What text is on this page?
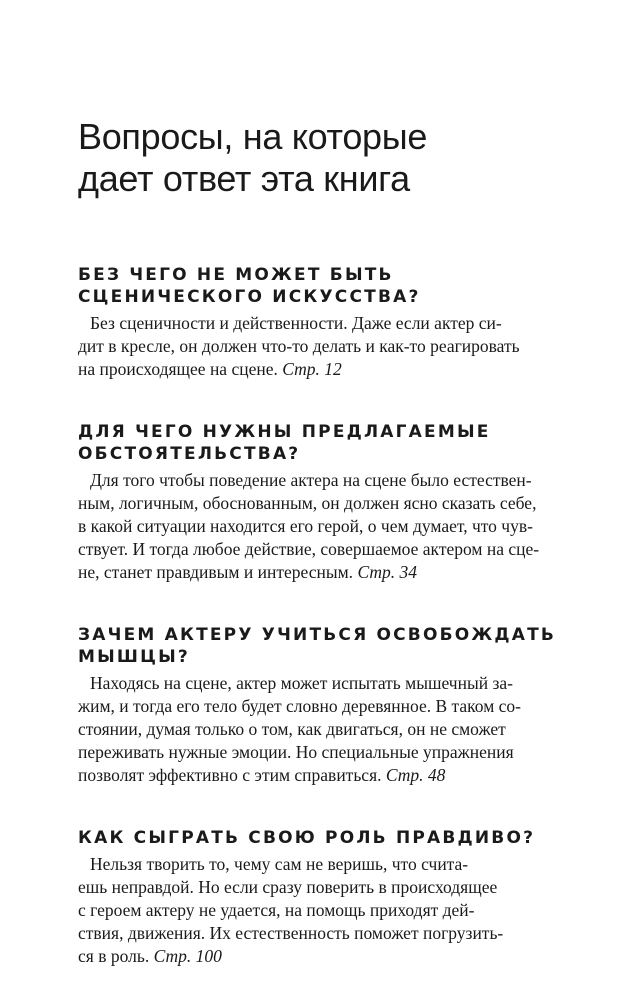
Вопросы, на которые
дает ответ эта книга
БЕЗ ЧЕГО НЕ МОЖЕТ БЫТЬ
СЦЕНИЧЕСКОГО ИСКУССТВА?

Без сценичности и действенности. Даже если актер си-
дит в кресле, он должен что-то делать и как-то реагировать
на происходящее на сцене. Стр. 12

ДЛЯ ЧЕГО НУЖНЫ ПРЕДЛАГАЕМЫЕ
ОБСТОЯТЕЛЬСТВА?

Для того чтобы поведение актера на сцене было естествен-
ным, логичным, обоснованным, он должен ясно сказать себе,
в какой ситуации находится его герой, о чем думает, что чув-
ствует. И тогда любое действие, совершаемое актером на сце-
не, станет правдивым и интересным. Стр. 34

ЗАЧЕМ АКТЕРУ УЧИТЬСЯ ОСВОБОЖДАТЬ
МЫШЦЫ?

Находясь на сцене, актер может испытать мышечный за-
жим, и тогда его тело будет словно деревянное. В таком со-
стоянии, думая только о том, как двигаться, он не сможет
переживать нужные эмоции. Но специальные упражнения
позволят эффективно с этим справиться. Стр. 48

КАК СЫГРАТЬ СВОЮ РОЛЬ ПРАВДИВО?

Нельзя творить то, чему сам не веришь, что счита-
ешь неправдой. Но если сразу поверить в происходящее
с героем актеру не удается, на помощь приходят дей-
ствия, движения. Их естественность поможет погрузить-
ся в роль. Стр. 100
